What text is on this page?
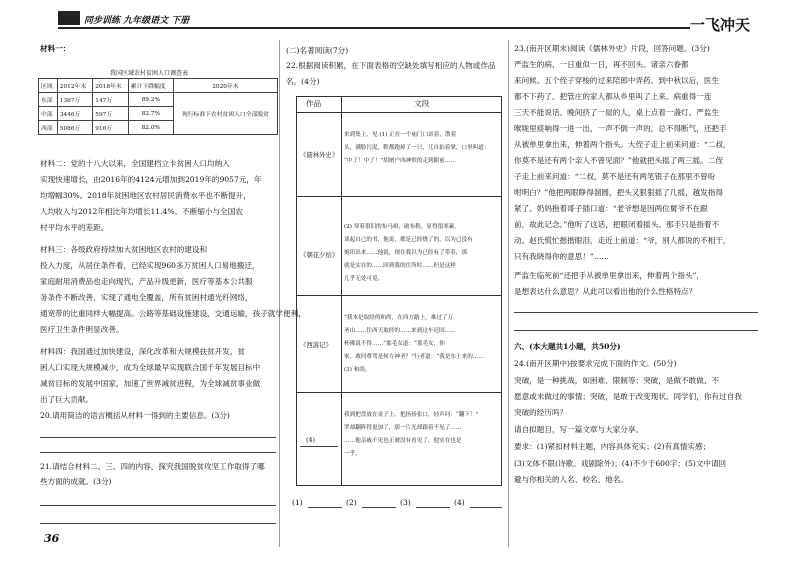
同步训练 九年级语文 下册	一飞冲天
材料一：
我国区域农村贫困人口调查表
区域	2012年末	2018年末	累计下降幅度	2020年末
东部	1367万	147万	89.2%	现行标准下农村贫困人口全部脱贫
中部	3446万	597万	82.7%	
西部	5086万	916万	82.0%	
材料二：党的十八大以来，全国建档立卡贫困人口均纳入
实现快速增长，由2016年的4124元增加到2019年的9057元，年
均增幅30%。2018年贫困地区农村居民消费水平也不断提升，
人均收入与2012年相比年均增长11.4%。不断缩小与全国农
村平均水平的差距。
材料三：各级政府持续加大贫困地区农村的建设和
投入力度，从居住条件看，已经实现960多万贫困人口易地搬迁，
家庭耐用消费品也走向现代，产品升级更新，医疗等基本公共服
务条件不断改善，实现了通电全覆盖，所有贫困村通光纤网络，
通宽带的比重同样大幅提高。公路等基础设施建设，交通运输，孩子就学便利，
医疗卫生条件明显改善。
材料四：我国通过加快建设，深化改革和大规模扶贫开发，贫
困人口实现大规模减少，成为全球最早实现联合国千年发展目标中
减贫目标的发展中国家，加速了世界减贫进程，为全球减贫事业做
出了巨大贡献。
20.请用简洁的语言概括从材料一得到的主要信息。(3分)
21.请结合材料二、三、四的内容，探究我国脱贫攻坚工作取得了哪
些方面的成就。(3分)
36
(二)名著阅读(7分)
22.根据阅读积累，在下面表格的空缺处填写相应的人物或作品
名。(4分)
作品	文段
《儒林外史》
来到集上，见 (1) 正在一个庙门口站着，散着
头，满脸污泥，鞋都跑掉了一只，兀自拍着掌，口里叫道：
“中了！中了！”胡屠户凶神似的走到跟前……
《朝花夕拾》
(2) 穿着很旧的布马褂，破布鞋，显得很寒素。
谈起自己的书，他说，都是已经烧了的，以为已没有
刻印出来……他说，现在我以为已经有了带着，那
就是实在的……回到我的住所时……但是这样
几乎无处可觅。
《西游记》
“我本是取经的和尚，在西方路上，难过了万
圣山……往西天取经的……来到这车迟国……
杯佛说不得……”那毛女道：“那毛女，你
家，敢问尊驾是何方神圣？”行者道：“我是东土来的……
(3) 和尚。
(4)
我到把盘放在桌子上，把扬扬张口，轻声问：“翻下！”
罗却翻阵得更加了，那一片光却跟着不见了……
……他亲戚不见也正被没有看见了，他实在也是
一乎。
(1)	(2)	(3)	(4)
23.(南开区期末)阅读《儒林外史》片段，回答问题。(3分)
严监生的病，一日重似一日，再不回头。诸亲六眷都
来问候。五个侄子穿梭的过来陪郎中弄药。到中秋以后，医生
都不下药了。把管庄的家人都从乡里叫了上来。病重得一连
三天不能说话。晚间挤了一屋的人，桌上点着一盏灯。严监生
喉咙里痰响得一进一出，一声不倒一声的，总不得断气，还把手
从被单里拿出来，伸着两个指头。大侄子走上前来问道：“二叔，
你莫不是还有两个亲人不曾见面？”他就把头摇了两三摇。二侄
子走上前来问道：“二叔，莫不是还有两笔银子在那里不曾吩
咐明白？”他把两眼睁得溜圆，把头又狠狠摇了几摇，越发指得
紧了。奶妈抱着哥子插口道：“老爷想是因两位舅爷不在跟
前，故此记念。”他听了这话，把眼闭着摇头。那手只是指着不
动。赵氏慌忙揩揩眼泪，走近上前道：“爷，别人都说的不相干，
只有我晓得你的意思！”……
严监生临死前“还把手从被单里拿出来，伸着两个指头”，
是想表达什么意思？从此可以看出他的什么性格特点？
六、(本大题共1小题，共50分)
24.(南开区期中)按要求完成下面的作文。(50分)
突破，是一种挑战，如困难、限制等；突破，是做不敢做、不
愿意或未做过的事情；突破，是敢于改变现状。同学们，你有过自我
突破的经历吗？
请自拟题目，写一篇文章与大家分享。
要求：(1)紧扣材料主题，内容具体充实；(2)有真情实感；
(3)文体不限(诗歌、戏剧除外)；(4)不少于600字；(5)文中请回
避与你相关的人名、校名、地名。
